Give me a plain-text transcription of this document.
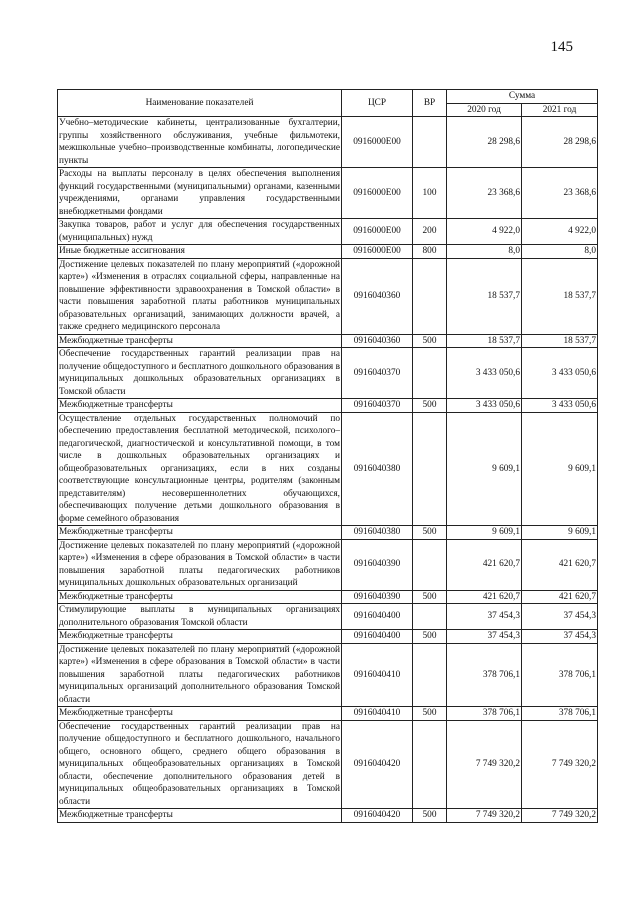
145
Наименование показателей	ЦСР	ВР	Сумма	
			2020 год	2021 год
Учебно–методические кабинеты, централизованные бухгалтерии, группы хозяйственного обслуживания, учебные фильмотеки, межшкольные учебно–производственные комбинаты, логопедические пункты	0916000Е00		28 298,6	28 298,6
Расходы на выплаты персоналу в целях обеспечения выполнения функций государственными (муниципальными) органами, казенными учреждениями, органами управления государственными внебюджетными фондами	0916000Е00	100	23 368,6	23 368,6
Закупка товаров, работ и услуг для обеспечения государственных (муниципальных) нужд	0916000Е00	200	4 922,0	4 922,0
Иные бюджетные ассигнования	0916000Е00	800	8,0	8,0
Достижение целевых показателей по плану мероприятий («дорожной карте») «Изменения в отраслях социальной сферы, направленные на повышение эффективности здравоохранения в Томской области» в части повышения заработной платы работников муниципальных образовательных организаций, занимающих должности врачей, а также среднего медицинского персонала	0916040360		18 537,7	18 537,7
Межбюджетные трансферты	0916040360	500	18 537,7	18 537,7
Обеспечение государственных гарантий реализации прав на получение общедоступного и бесплатного дошкольного образования в муниципальных дошкольных образовательных организациях в Томской области	0916040370		3 433 050,6	3 433 050,6
Межбюджетные трансферты	0916040370	500	3 433 050,6	3 433 050,6
Осуществление отдельных государственных полномочий по обеспечению предоставления бесплатной методической, психолого–педагогической, диагностической и консультативной помощи, в том числе в дошкольных образовательных организациях и общеобразовательных организациях, если в них созданы соответствующие консультационные центры, родителям (законным представителям) несовершеннолетних обучающихся, обеспечивающих получение детьми дошкольного образования в форме семейного образования	0916040380		9 609,1	9 609,1
Межбюджетные трансферты	0916040380	500	9 609,1	9 609,1
Достижение целевых показателей по плану мероприятий («дорожной карте») «Изменения в сфере образования в Томской области» в части повышения заработной платы педагогических работников муниципальных дошкольных образовательных организаций	0916040390		421 620,7	421 620,7
Межбюджетные трансферты	0916040390	500	421 620,7	421 620,7
Стимулирующие выплаты в муниципальных организациях дополнительного образования Томской области	0916040400		37 454,3	37 454,3
Межбюджетные трансферты	0916040400	500	37 454,3	37 454,3
Достижение целевых показателей по плану мероприятий («дорожной карте») «Изменения в сфере образования в Томской области» в части повышения заработной платы педагогических работников муниципальных организаций дополнительного образования Томской области	0916040410		378 706,1	378 706,1
Межбюджетные трансферты	0916040410	500	378 706,1	378 706,1
Обеспечение государственных гарантий реализации прав на получение общедоступного и бесплатного дошкольного, начального общего, основного общего, среднего общего образования в муниципальных общеобразовательных организациях в Томской области, обеспечение дополнительного образования детей в муниципальных общеобразовательных организациях в Томской области	0916040420		7 749 320,2	7 749 320,2
Межбюджетные трансферты	0916040420	500	7 749 320,2	7 749 320,2
